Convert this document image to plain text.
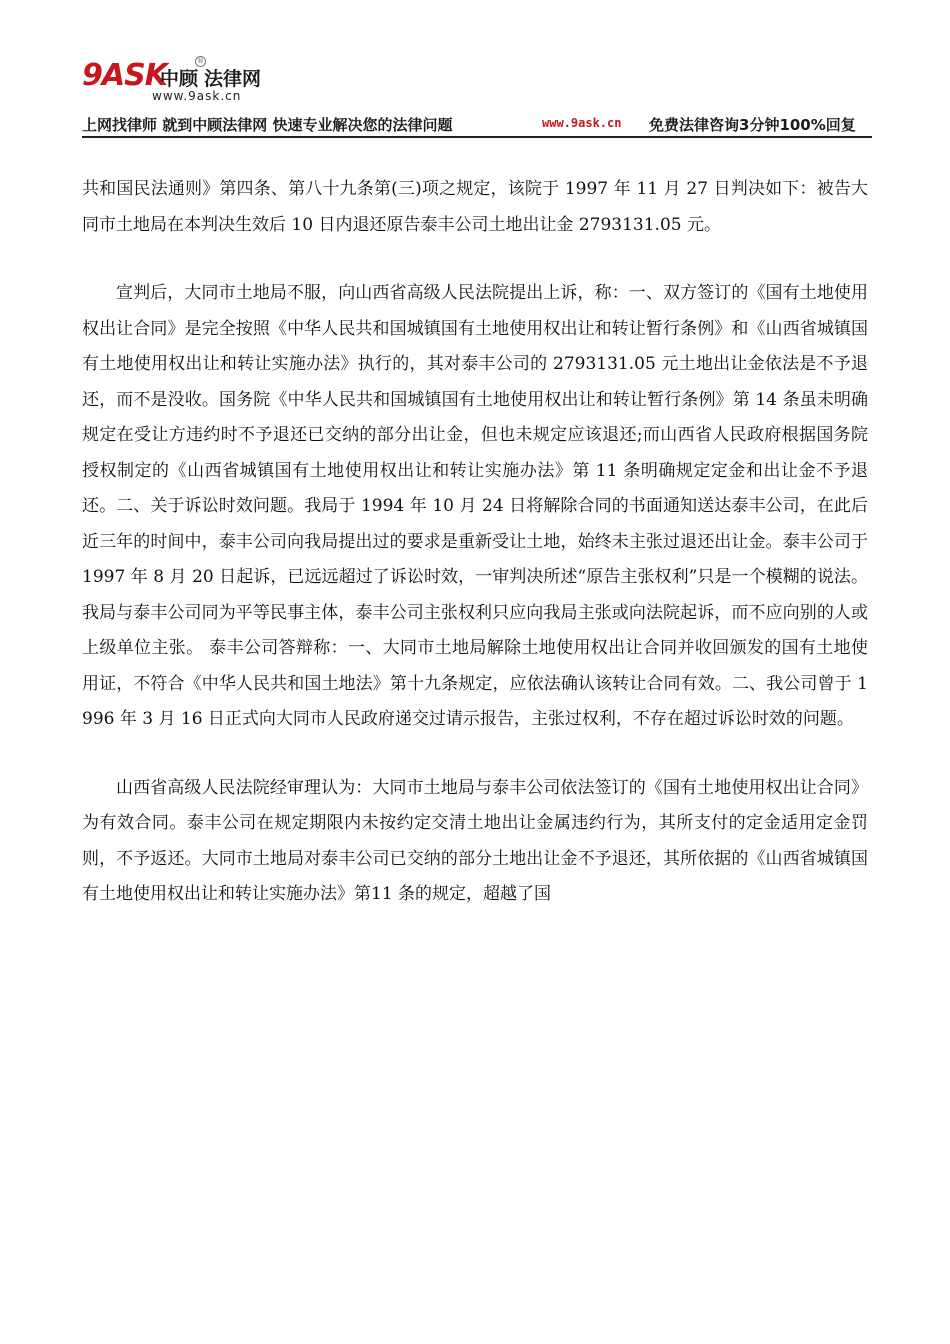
9ASK
中顾 法律网
®
www.9ask.cn
上网找律师 就到中顾法律网 快速专业解决您的法律问题	www.9ask.cn 免费法律咨询3分钟100%回复

共和国民法通则》第四条、第八十九条第(三)项之规定，该院于 1997 年 11 月 27 日判决如下：被告大同市土地局在本判决生效后 10 日内退还原告泰丰公司土地出让金 2793131.05 元。

宣判后，大同市土地局不服，向山西省高级人民法院提出上诉，称：一、双方签订的《国有土地使用权出让合同》是完全按照《中华人民共和国城镇国有土地使用权出让和转让暂行条例》和《山西省城镇国有土地使用权出让和转让实施办法》执行的，其对泰丰公司的 2793131.05 元土地出让金依法是不予退还，而不是没收。国务院《中华人民共和国城镇国有土地使用权出让和转让暂行条例》第 14 条虽未明确规定在受让方违约时不予退还已交纳的部分出让金，但也未规定应该退还;而山西省人民政府根据国务院授权制定的《山西省城镇国有土地使用权出让和转让实施办法》第 11 条明确规定定金和出让金不予退还。二、关于诉讼时效问题。我局于 1994 年 10 月 24 日将解除合同的书面通知送达泰丰公司，在此后近三年的时间中，泰丰公司向我局提出过的要求是重新受让土地，始终未主张过退还出让金。泰丰公司于 1997 年 8 月 20 日起诉，已远远超过了诉讼时效，一审判决所述“原告主张权利”只是一个模糊的说法。我局与泰丰公司同为平等民事主体，泰丰公司主张权利只应向我局主张或向法院起诉，而不应向别的人或上级单位主张。 泰丰公司答辩称：一、大同市土地局解除土地使用权出让合同并收回颁发的国有土地使用证，不符合《中华人民共和国土地法》第十九条规定，应依法确认该转让合同有效。二、我公司曾于 1996 年 3 月 16 日正式向大同市人民政府递交过请示报告，主张过权利，不存在超过诉讼时效的问题。

山西省高级人民法院经审理认为：大同市土地局与泰丰公司依法签订的《国有土地使用权出让合同》为有效合同。泰丰公司在规定期限内未按约定交清土地出让金属违约行为，其所支付的定金适用定金罚则，不予返还。大同市土地局对泰丰公司已交纳的部分土地出让金不予退还，其所依据的《山西省城镇国有土地使用权出让和转让实施办法》第11 条的规定，超越了国
